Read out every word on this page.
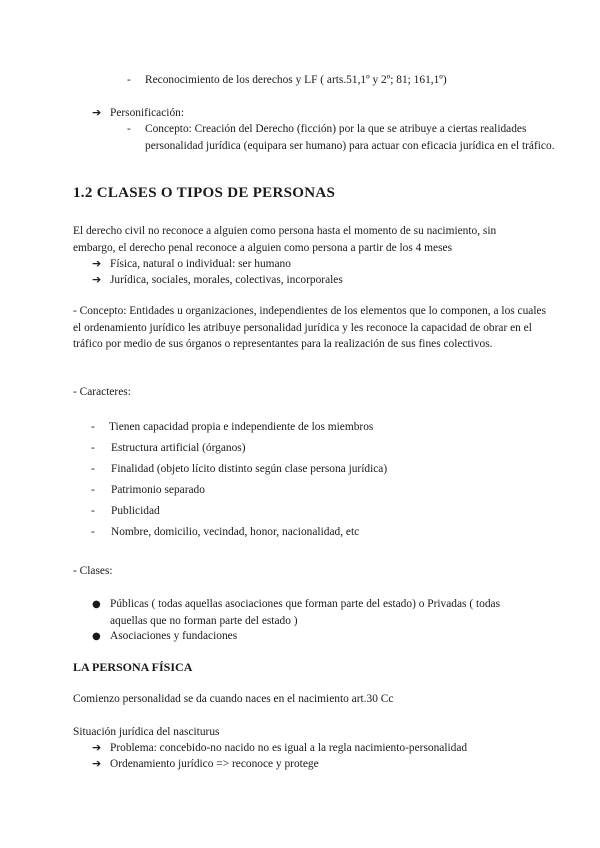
- Reconocimiento de los derechos y LF ( arts.51,1º y 2º; 81; 161,1º)
➔ Personificación:
- Concepto: Creación del Derecho (ficción) por la que se atribuye a ciertas realidades personalidad jurídica (equipara ser humano) para actuar con eficacia jurídica en el tráfico.
1.2 CLASES O TIPOS DE PERSONAS
El derecho civil no reconoce a alguien como persona hasta el momento de su nacimiento, sin embargo, el derecho penal reconoce a alguien como persona a partir de los 4 meses
➔ Física, natural o individual: ser humano
➔ Jurídica, sociales, morales, colectivas, incorporales
- Concepto: Entidades u organizaciones, independientes de los elementos que lo componen, a los cuales el ordenamiento jurídico les atribuye personalidad jurídica y les reconoce la capacidad de obrar en el tráfico por medio de sus órganos o representantes para la realización de sus fines colectivos.
- Caracteres:
- Tienen capacidad propia e independiente de los miembros
- Estructura artificial (órganos)
- Finalidad (objeto lícito distinto según clase persona jurídica)
- Patrimonio separado
- Publicidad
- Nombre, domicilio, vecindad, honor, nacionalidad, etc
- Clases:
● Públicas ( todas aquellas asociaciones que forman parte del estado) o Privadas ( todas aquellas que no forman parte del estado )
● Asociaciones y fundaciones
LA PERSONA FÍSICA
Comienzo personalidad se da cuando naces en el nacimiento art.30 Cc
Situación jurídica del nasciturus
➔ Problema: concebido-no nacido no es igual a la regla nacimiento-personalidad
➔ Ordenamiento jurídico => reconoce y protege
